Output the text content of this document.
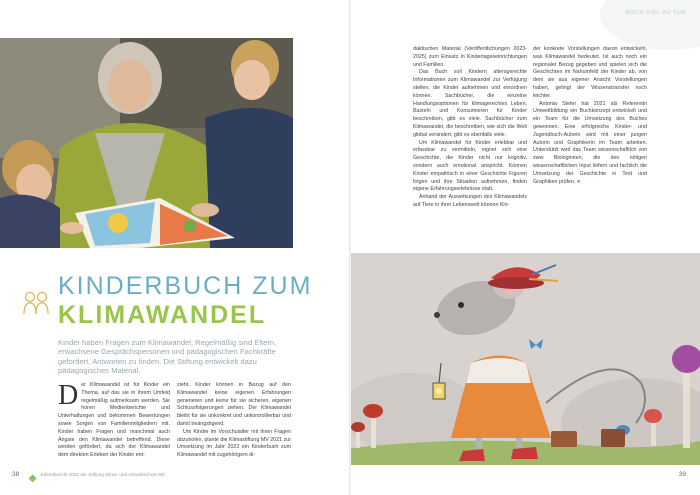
KINDERBUCH ZUM
KLIMAWANDEL
Kinder haben Fragen zum Klimawandel. Regelmäßig sind Eltern, erwachsene Gesprächspersonen und pädagogischen Fachkräfte gefordert, Antworten zu finden. Die Stiftung entwickelt dazu pädagogisches Material.
D er Klimawandel ist für Kinder ein Thema, auf das sie in ihrem Umfeld regelmäßig aufmerksam werden. Sie hören Medienberichte und Unterhaltungen und bekommen Bewertungen sowie Sorgen von Familienmitgliedern mit. Kinder haben Fragen und manchmal auch Ängste den Klimawandel betreffend. Diese werden gefördert, da sich der Klimawandel dem direkten Erleben der Kinder ent-

zieht. Kinder können in Bezug auf den Klimawandel keine eigenen Erfahrungen generieren und keine für sie sicheren, eigenen Schlussfolgerungen ziehen. Der Klimawandel bleibt für sie unkonkret und unkontrollierbar und damit beängstigend.

Um Kinder im Vorschulalter mit ihren Fragen abzuholen, plante die Klimastiftung MV 2021 zur Umsetzung im Jahr 2022 ein Kinderbuch zum Klimawandel mit zugehörigem di-

38	Jahresbericht 2021 der Stiftung Klima- und Umweltschutz MV
NOCH VIEL ZU TUN

daktischen Material (Veröffentlichungen 2023-2025) zum Einsatz in Kindertageseinrichtungen und Familien.

Das Buch soll Kindern altersgerechte Informationen zum Klimawandel zur Verfügung stellen, die Kinder aufnehmen und einordnen können. Sachbücher, die einzelne Handlungsoptionen für klimagerechtes Leben, Basteln und Konsumieren für Kinder beschreiben, gibt es viele. Sachbücher zum Klimawandel, die beschreiben, wie sich die Welt global verändert, gibt es ebenfalls viele.

Um Klimawandel für Kinder erlebbar und erfassbar zu vermitteln, eignet sich eine Geschichte, die Kinder nicht nur kognitiv, sondern auch emotional anspricht. Können Kinder empathisch in einer Geschichte Figuren folgen und ihre Situation aufnehmen, finden eigene Erfahrungserlebnisse statt.

Anhand der Auswirkungen des Klimawandels auf Tiere in ihrer Lebenswelt können Kin-

der konkrete Vorstellungen davon entwickeln, was Klimawandel bedeutet. Ist auch noch ein regionaler Bezug gegeben und spielen sich die Geschichten im Nahumfeld der Kinder ab, von dem sie aus eigener Ansicht Vorstellungen haben, gelingt der Wissenstransfer noch leichter.

Antonia Stefer hat 2021 als Referentin Umweltbildung ein Buchkonzept entwickelt und ein Team für die Umsetzung des Buches gewonnen. Eine erfolgreiche Kinder- und Jugendbuch-Autorin wird mit einer jungen Autorin und Graphikerin im Team arbeiten. Unterstützt wird das Team wissenschaftlich von zwei Biologinnen, die den nötigen wissenschaftlichen Input liefern und fachlich die Umsetzung der Geschichte in Text und Graphiken prüfen. ■

39
